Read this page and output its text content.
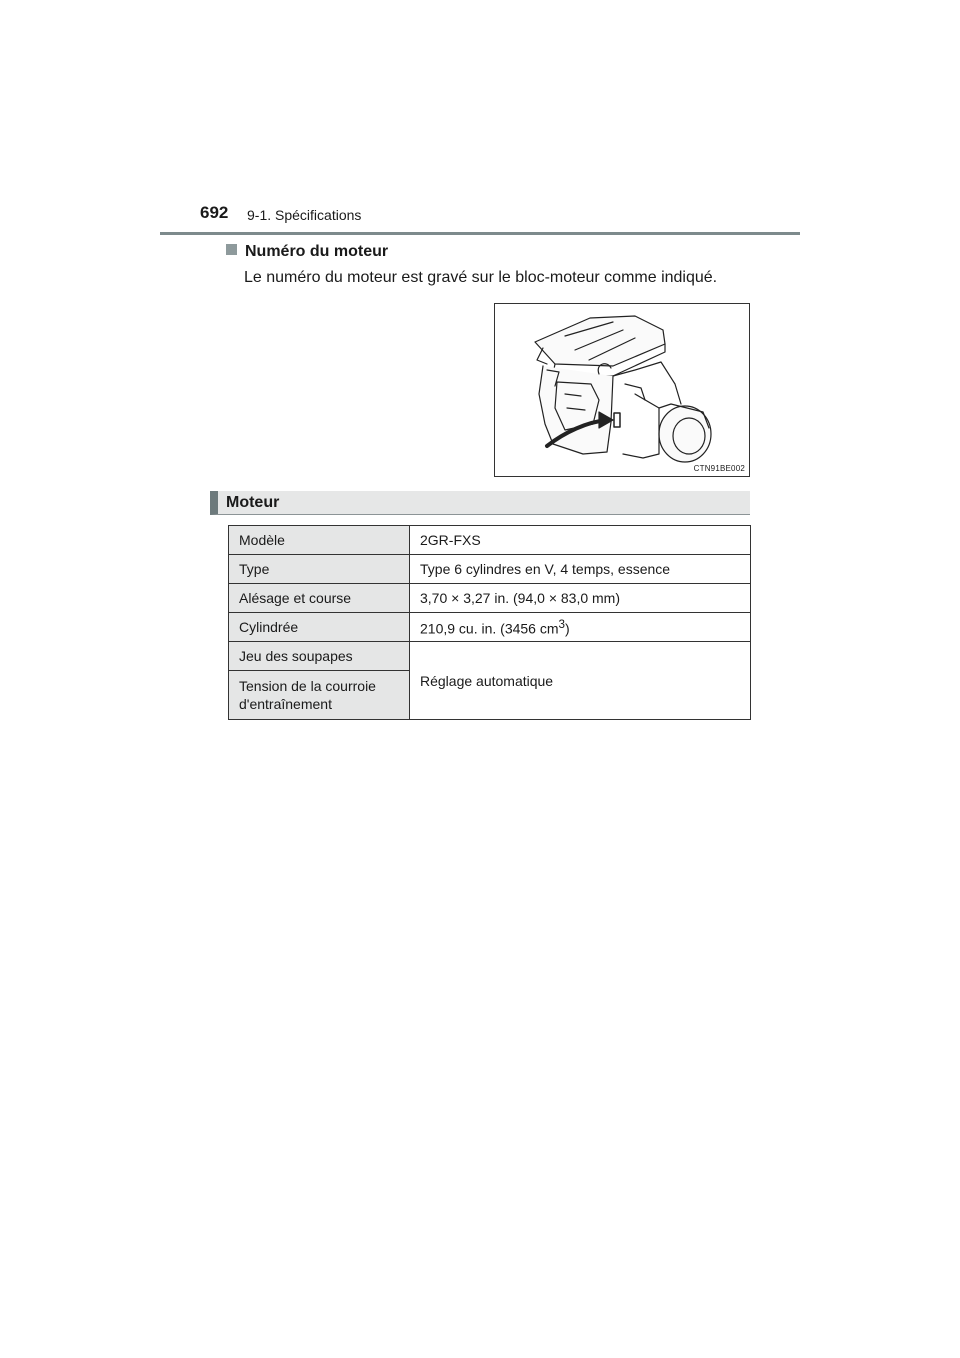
692 9-1. Spécifications
Numéro du moteur
Le numéro du moteur est gravé sur le bloc-moteur comme indiqué.
CTN91BE002
Moteur
Modèle	2GR-FXS
Type	Type 6 cylindres en V, 4 temps, essence
Alésage et course	3,70 × 3,27 in. (94,0 × 83,0 mm)
Cylindrée	210,9 cu. in. (3456 $cm^3$)
Jeu des soupapes	Réglage automatique
Tension de la courroie
d'entraînement	
